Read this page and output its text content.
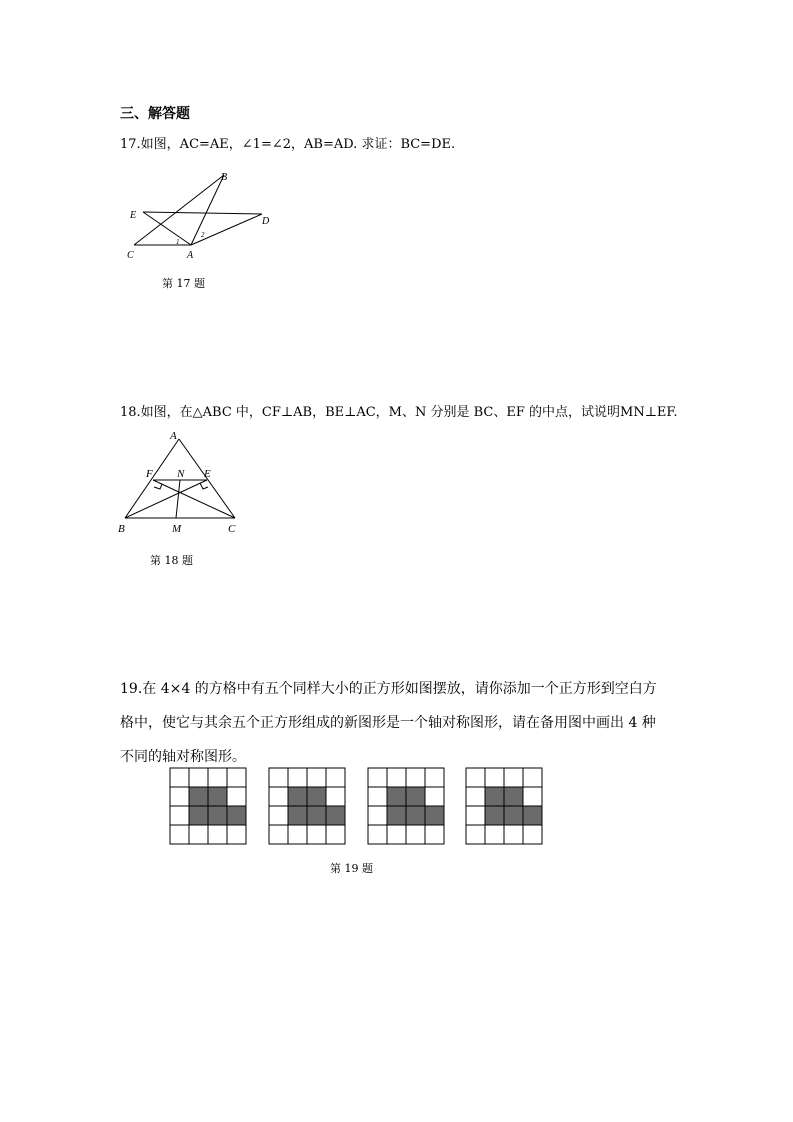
三、解答题
17.如图，AC=AE，∠1=∠2，AB=AD. 求证：BC=DE.
B
E
D
C	A
1
2
第 17 题
18.如图，在△ABC 中，CF⊥AB，BE⊥AC，M、N 分别是 BC、EF 的中点，试说明MN⊥EF.
A
F N E
B	M	C
第 18 题

19.在 4×4 的方格中有五个同样大小的正方形如图摆放，请你添加一个正方形到空白方

格中，使它与其余五个正方形组成的新图形是一个轴对称图形，请在备用图中画出 4 种

不同的轴对称图形。

第 19 题
